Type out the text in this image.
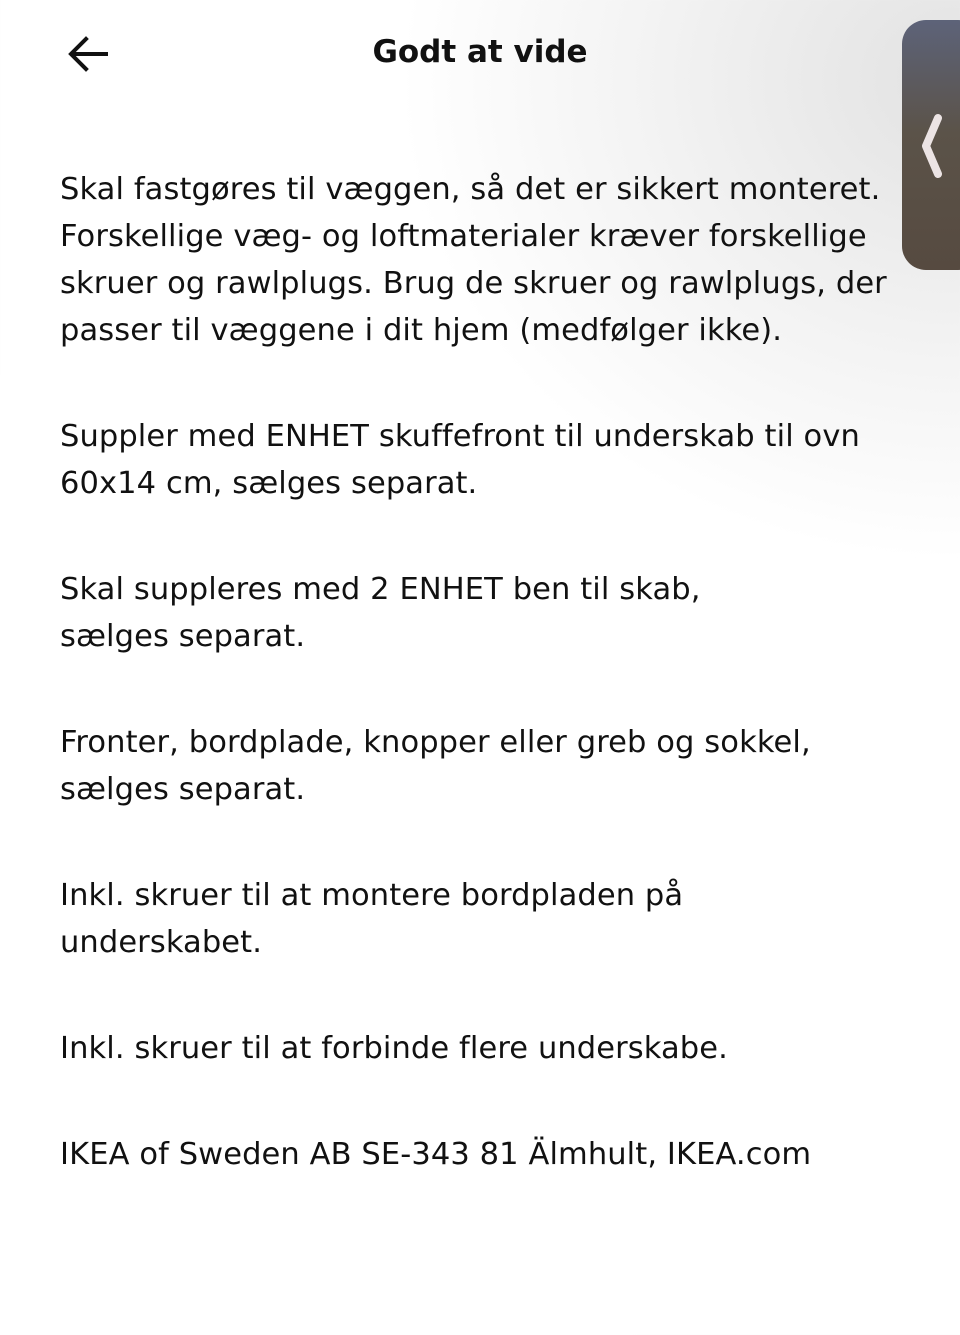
Godt at vide

Skal fastgøres til væggen, så det er sikkert monteret. Forskellige væg- og loftmaterialer kræver forskellige skruer og rawlplugs. Brug de skruer og rawlplugs, der passer til væggene i dit hjem (medfølger ikke).

Suppler med ENHET skuffefront til underskab til ovn 60x14 cm, sælges separat.

Skal suppleres med 2 ENHET ben til skab, sælges separat.

Fronter, bordplade, knopper eller greb og sokkel, sælges separat.

Inkl. skruer til at montere bordpladen på underskabet.

Inkl. skruer til at forbinde flere underskabe.

IKEA of Sweden AB SE-343 81 Älmhult, IKEA.com
